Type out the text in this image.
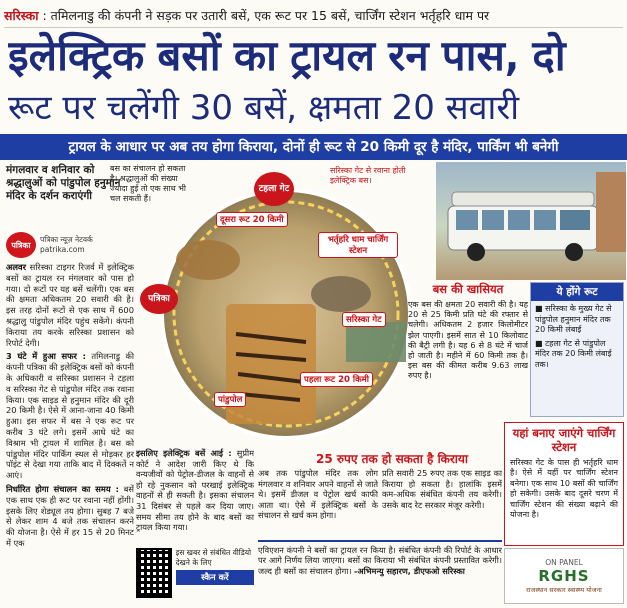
सरिस्का : तमिलनाडु की कंपनी ने सड़क पर उतारी बसें, एक रूट पर 15 बसें, चार्जिंग स्टेशन भर्तृहरि धाम पर
इलेक्ट्रिक बसों का ट्रायल रन पास, दो
रूट पर चलेंगी 30 बसें, क्षमता 20 सवारी
ट्रायल के आधार पर अब तय होगा किराया, दोनों ही रूट से 20 किमी दूर है मंदिर, पार्किंग भी बनेगी
मंगलवार व शनिवार को श्रद्धालुओं को पांडुपोल हनुमान मंदिर के दर्शन कराएंगी
पत्रिका
पत्रिका न्यूज़ नेटवर्क
patrika.com

अलवर सरिस्का टाइगर रिजर्व में इलेक्ट्रिक बसों का ट्रायल रन मंगलवार को पास हो गया। दो रूटों पर यह बसें चलेंगी। एक बस की क्षमता अधिकतम 20 सवारी की है। इस तरह दोनों रूटों से एक साथ में 600 श्रद्धालु पांडुपोल मंदिर पहुंच सकेंगे। कंपनी किराया तय करके सरिस्का प्रशासन को रिपोर्ट देगी।

3 घंटे में हुआ सफर : तमिलनाडु की कंपनी पत्रिका की इलेक्ट्रिक बसों को कंपनी के अधिकारी व सरिस्का प्रशासन ने टहला व सरिस्का गेट से पांडुपोल मंदिर तक रवाना किया। एक साइड से हनुमान मंदिर की दूरी 20 किमी है। ऐसे में आना-जाना 40 किमी हुआ। इस सफर में बस ने एक रूट पर करीब 3 घंटे लगे। इसमें आधे घंटे का विश्राम भी ट्रायल में शामिल है। बस को पांडुपोल मंदिर पार्किंग स्थल से मोड़कर हर पॉइंट से देखा गया ताकि बाद में दिक्कतें न आएं।

निर्धारित होगा संचालन का समय : बसें एक साथ एक ही रूट पर रवाना नहीं होंगी। इसके लिए शेड्यूल तय होगा। सुबह 7 बजे से लेकर शाम 4 बजे तक संचालन करने की योजना है। ऐसे में हर 15 से 20 मिनट में एक

बस का संचालन हो सकता है। श्रद्धालुओं की संख्या ज्यादा हुई तो एक साथ भी चल सकती हैं।
टहला गेट
दूसरा रूट 20 किमी
भर्तृहरि धाम चार्जिंग स्टेशन
पत्रिका
सरिस्का गेट
पहला रूट 20 किमी
पांडुपोल
सरिस्का गेट से रवाना होती इलेक्ट्रिक बस।
बस की खासियत
एक बस की क्षमता 20 सवारी की है। यह 20 से 25 किमी प्रति घंटे की रफ्तार से चलेगी। अधिकतम 2 हजार किलोमीटर झेल पाएगी। इसमें सात से 10 किलोवाट की बैट्री लगी है। यह 6 से 8 घंटे में चार्ज हो जाती है। महीने में 60 किमी तक है। इस बस की कीमत करीब 9.63 लाख रुपए है।
ये होंगे रूट

■ सरिस्का के मुख्य गेट से पांडुपोल हनुमान मंदिर तक 20 किमी लंबाई

■ टहला गेट से पांडुपोल मंदिर तक 20 किमी लंबाई तक।

इसलिए इलेक्ट्रिक बसें आई : सुप्रीम कोर्ट ने आदेश जारी किए थे कि वन्यजीवों को पेट्रोल-डीजल के वाहनों से हो रहे नुकसान को परखाई इलेक्ट्रिक वाहनों से ही सकती है। इसका संचालन 31 दिसंबर से पहले कर दिया जाए। समय सीमा तय होने के बाद बसों का ट्रायल किया गया।
25 रुपए तक हो सकता है किराया
अब तक पांडुपोल मंदिर तक लोग मंगलवार व शनिवार अपने वाहनों से जाते थे। इसमें डीजल व पेट्रोल खर्च काफी आता था। ऐसे में इलेक्ट्रिक बसों के संचालन से खर्च कम होगा।
प्रति सवारी 25 रुपए तक एक साइड का किराया हो सकता है। हालांकि इसमें कम-अधिक संबंधित कंपनी तय करेगी। उसके बाद रेट सरकार मंजूर करेगी।
एविएशन कंपनी ने बसों का ट्रायल रन किया है। संबंधित कंपनी की रिपोर्ट के आधार पर आगे निर्णय लिया जाएगा। बसों का किराया भी संबंधित कंपनी प्रस्तावित करेगी। जल्द ही बसों का संचालन होगा। -अभिमन्यु सहारण, डीएफओ सरिस्का
यहां बनाए जाएंगे चार्जिंग स्टेशन

सरिस्का गेट के पास ही भर्तृहरि धाम है। ऐसे में यहीं पर चार्जिंग स्टेशन बनेगा। एक साथ 10 बसों की चार्जिंग हो सकेगी। उसके बाद दूसरे चरण में चार्जिंग स्टेशन की संख्या बढ़ाने की योजना है।

इस खबर से संबंधित वीडियो देखने के लिए
स्कैन करें
ON PANEL
RGHS
राजस्थान सरकार स्वास्थ्य योजना
